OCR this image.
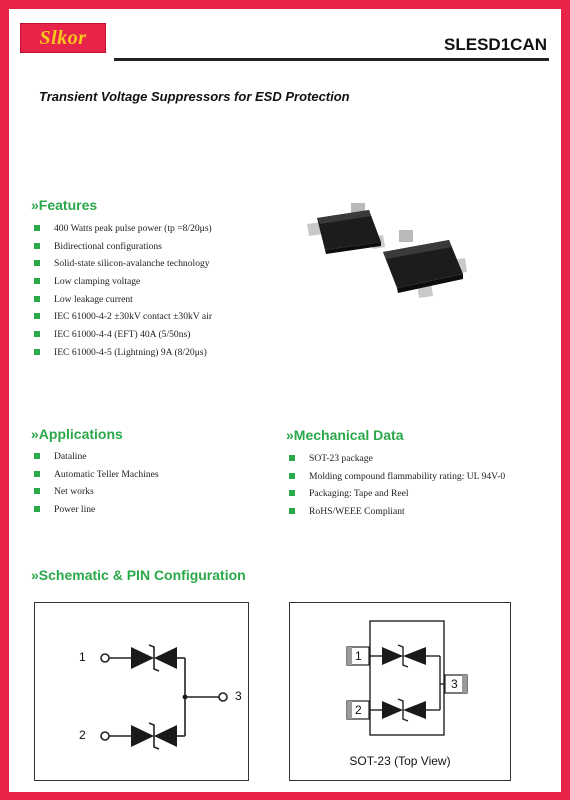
Slkor	SLESD1CAN
Transient Voltage Suppressors for ESD Protection
»Features
400 Watts peak pulse power (tp =8/20μs)
Bidirectional configurations
Solid-state silicon-avalanche technology
Low clamping voltage
Low leakage current
IEC 61000-4-2 ±30kV contact ±30kV air
IEC 61000-4-4 (EFT) 40A (5/50ns)
IEC 61000-4-5 (Lightning) 9A (8/20μs)
»Applications
Dataline
Automatic Teller Machines
Net works
Power line
»Mechanical Data
SOT-23 package
Molding compound flammability rating: UL 94V-0
Packaging: Tape and Reel
RoHS/WEEE Compliant
»Schematic & PIN Configuration
1
2
3
1
2
3
SOT-23 (Top View)
